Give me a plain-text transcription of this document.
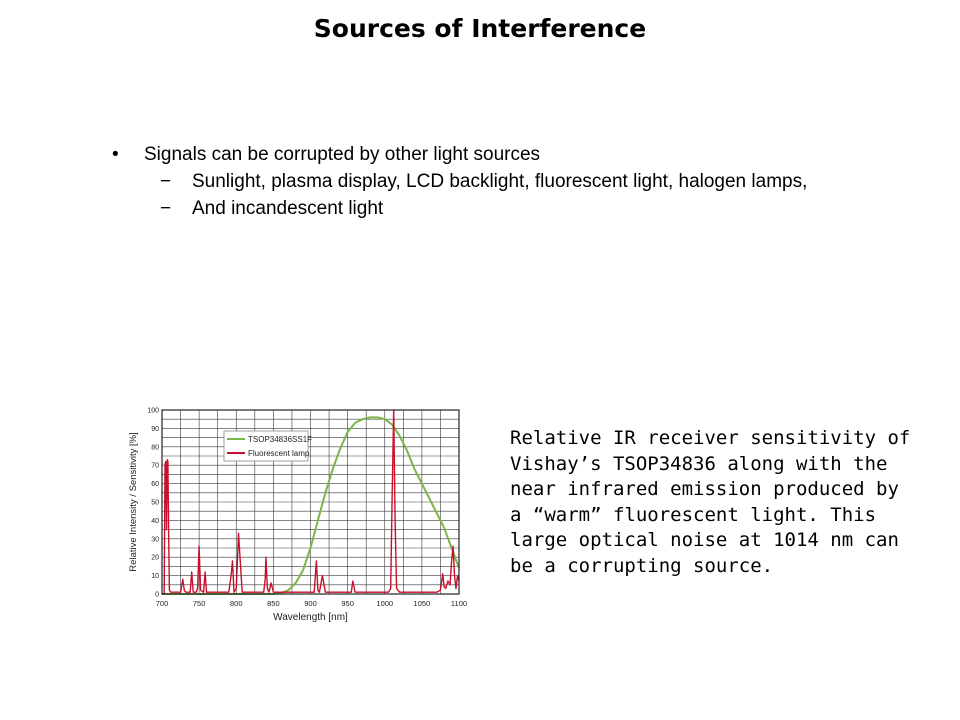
Sources of Interference
•	Signals can be corrupted by other light sources
−	Sunlight, plasma display, LCD backlight, fluorescent light, halogen lamps,
−	And incandescent light
700	750	800	850	900	950	1000	1050	1100
0
10
20
30
40
50
60
70
80
90
100
TSOP34836SS1F
Fluorescent lamp
Wavelength [nm]
Relative Intensity / Sensitivity [%]	Relative IR receiver sensitivity of
Vishay’s TSOP34836 along with the
near infrared emission produced by
a “warm” fluorescent light. This
large optical noise at 1014 nm can
be a corrupting source.
